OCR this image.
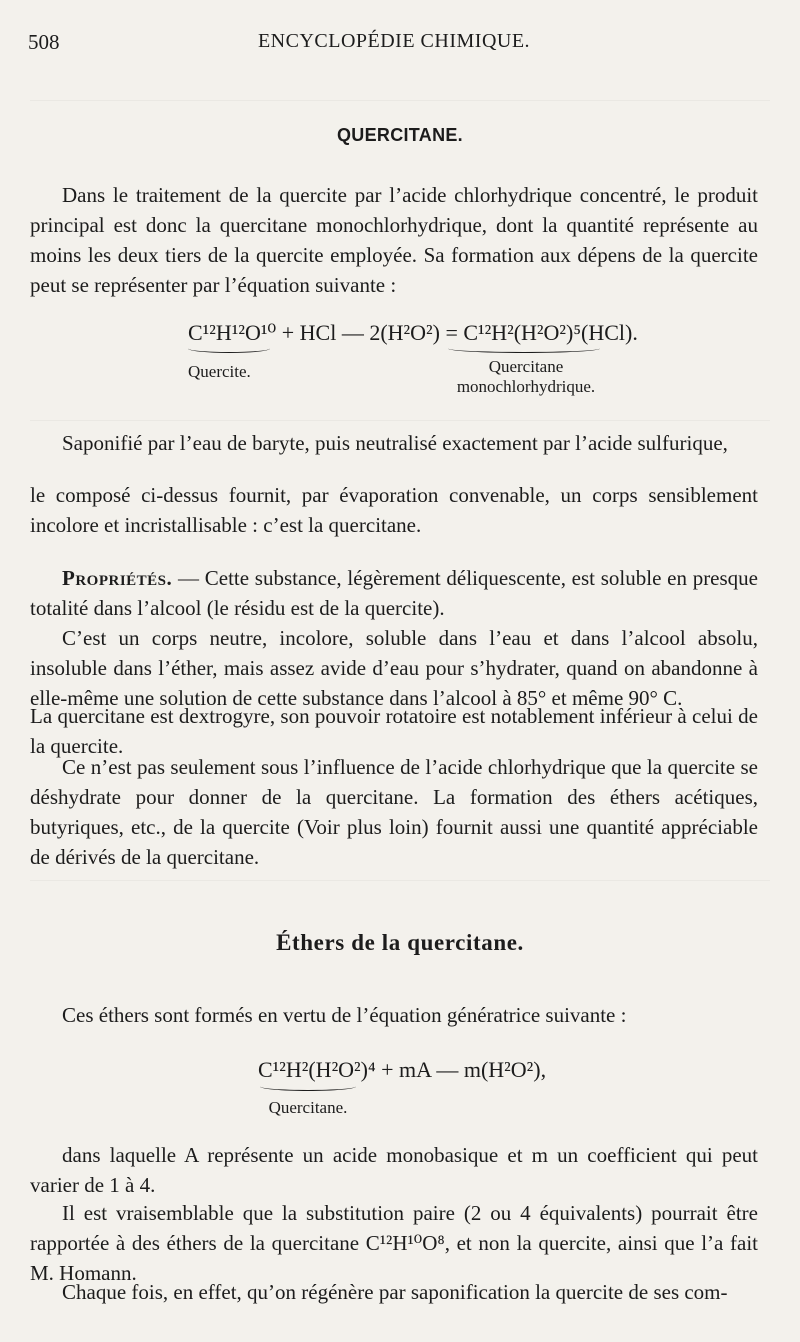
508	ENCYCLOPÉDIE CHIMIQUE.
QUERCITANE.

Dans le traitement de la quercite par l’acide chlorhydrique concentré, le produit principal est donc la quercitane monochlorhydrique, dont la quantité représente au moins les deux tiers de la quercite employée. Sa formation aux dépens de la quercite peut se représenter par l’équation suivante :

C¹²H¹²O¹⁰ + HCl — 2(H²O²) = C¹²H²(H²O²)⁵(HCl).
Quercite.	Quercitane
monochlorhydrique.

Saponifié par l’eau de baryte, puis neutralisé exactement par l’acide sulfurique,

le composé ci-dessus fournit, par évaporation convenable, un corps sensiblement incolore et incristallisable : c’est la quercitane.

Propriétés. — Cette substance, légèrement déliquescente, est soluble en presque totalité dans l’alcool (le résidu est de la quercite).

C’est un corps neutre, incolore, soluble dans l’eau et dans l’alcool absolu, insoluble dans l’éther, mais assez avide d’eau pour s’hydrater, quand on abandonne à elle-même une solution de cette substance dans l’alcool à 85° et même 90° C.

La quercitane est dextrogyre, son pouvoir rotatoire est notablement inférieur à celui de la quercite.

Ce n’est pas seulement sous l’influence de l’acide chlorhydrique que la quercite se déshydrate pour donner de la quercitane. La formation des éthers acétiques, butyriques, etc., de la quercite (Voir plus loin) fournit aussi une quantité appréciable de dérivés de la quercitane.

Éthers de la quercitane.

Ces éthers sont formés en vertu de l’équation génératrice suivante :

C¹²H²(H²O²)⁴ + mA — m(H²O²),
Quercitane.

dans laquelle A représente un acide monobasique et m un coefficient qui peut varier de 1 à 4.

Il est vraisemblable que la substitution paire (2 ou 4 équivalents) pourrait être rapportée à des éthers de la quercitane C¹²H¹⁰O⁸, et non la quercite, ainsi que l’a fait M. Homann.

Chaque fois, en effet, qu’on régénère par saponification la quercite de ses com-
